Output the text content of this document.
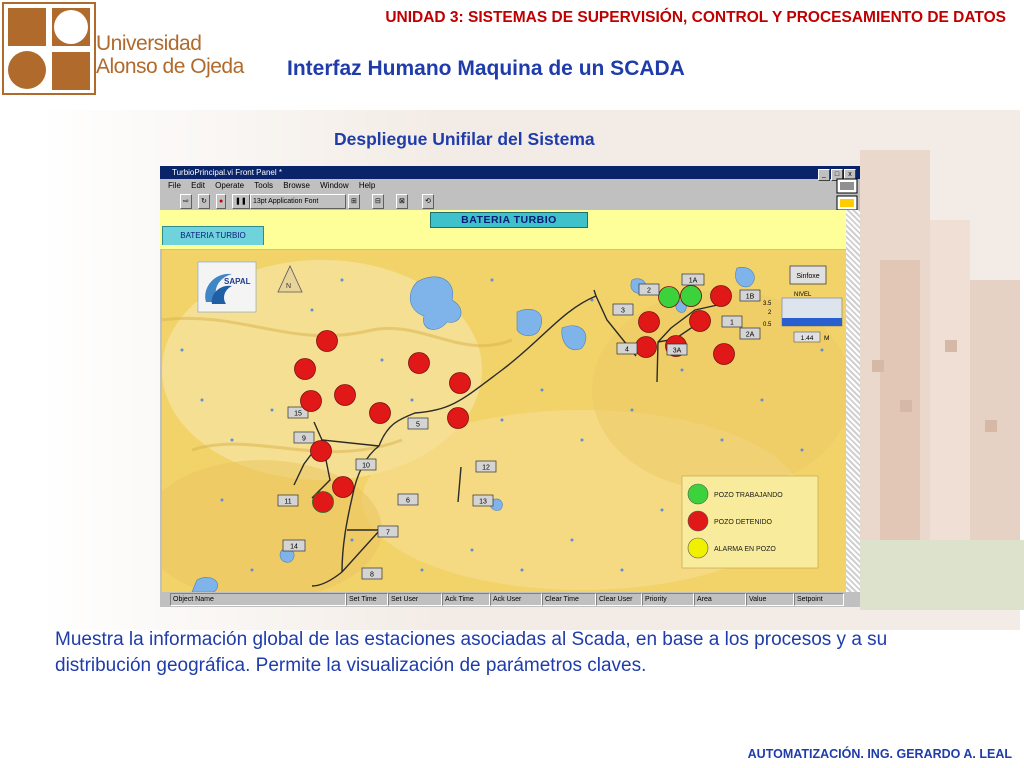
Universidad
Alonso de Ojeda
UNIDAD 3: SISTEMAS DE SUPERVISIÓN, CONTROL Y PROCESAMIENTO DE DATOS
Interfaz Humano Maquina de un SCADA
Despliegue Unifilar del Sistema
TurbioPrincipal.vi Front Panel *	_ □ x
File Edit Operate Tools Browse Window Help
⇨	↻	●	❚❚ 13pt Application Font	⊞	⊟	⊠	⟲
BATERIA TURBIO
BATERIA TURBIO
SAPAL
N
Sinfoxe
NIVEL
3.5
2
0.5
1.44 M
1A
2
1B
3
1
4	3A
2A
15
9
5
10
11
12
13
6
7
14
8
POZO TRABAJANDO
POZO DETENIDO
ALARMA EN POZO
Object Name	Set Time	Set User	Ack Time	Ack User	Clear Time	Clear User	Priority	Area	Value	Setpoint
Muestra la información global de las estaciones asociadas al Scada, en base a los procesos y a su distribución geográfica. Permite la visualización de parámetros claves.
AUTOMATIZACIÓN. ING. GERARDO A. LEAL
